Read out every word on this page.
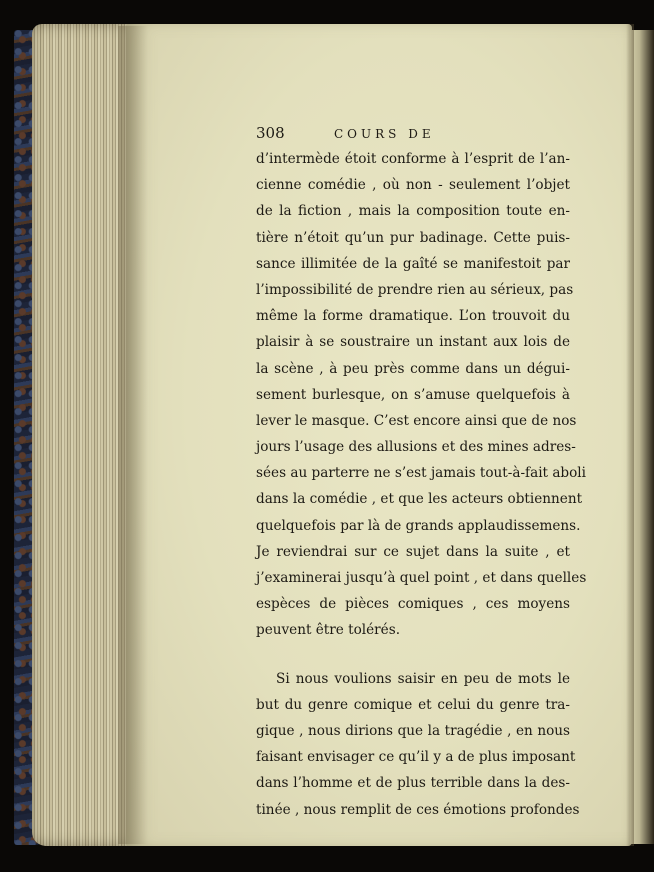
308	COURS DE

d’intermède étoit conforme à l’esprit de l’an-
cienne comédie , où non - seulement l’objet
de la fiction , mais la composition toute en-
tière n’étoit qu’un pur badinage. Cette puis-
sance illimitée de la gaîté se manifestoit par
l’impossibilité de prendre rien au sérieux, pas
même la forme dramatique. L’on trouvoit du
plaisir à se soustraire un instant aux lois de
la scène , à peu près comme dans un dégui-
sement burlesque, on s’amuse quelquefois à
lever le masque. C’est encore ainsi que de nos
jours l’usage des allusions et des mines adres-
sées au parterre ne s’est jamais tout-à-fait aboli
dans la comédie , et que les acteurs obtiennent
quelquefois par là de grands applaudissemens.
Je reviendrai sur ce sujet dans la suite , et
j’examinerai jusqu’à quel point , et dans quelles
espèces de pièces comiques , ces moyens
peuvent être tolérés.

Si nous voulions saisir en peu de mots le
but du genre comique et celui du genre tra-
gique , nous dirions que la tragédie , en nous
faisant envisager ce qu’il y a de plus imposant
dans l’homme et de plus terrible dans la des-
tinée , nous remplit de ces émotions profondes
